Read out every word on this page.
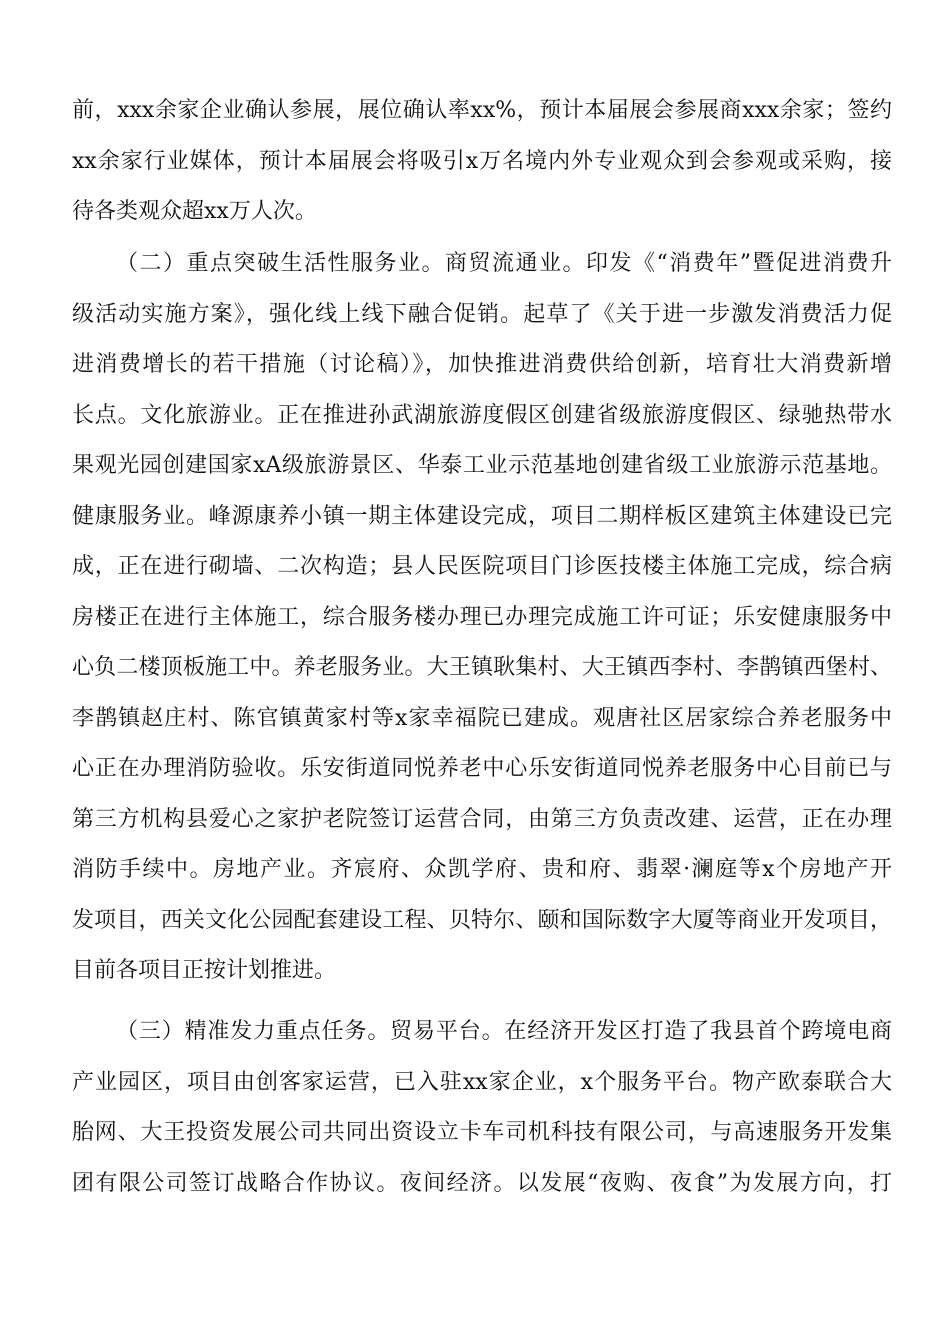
前，xxx余家企业确认参展，展位确认率xx%，预计本届展会参展商xxx余家；签约
xx余家行业媒体，预计本届展会将吸引x万名境内外专业观众到会参观或采购，接
待各类观众超xx万人次。
（二）重点突破生活性服务业。商贸流通业。印发《“消费年”暨促进消费升
级活动实施方案》，强化线上线下融合促销。起草了《关于进一步激发消费活力促
进消费增长的若干措施（讨论稿）》，加快推进消费供给创新，培育壮大消费新增
长点。文化旅游业。正在推进孙武湖旅游度假区创建省级旅游度假区、绿驰热带水
果观光园创建国家xA级旅游景区、华泰工业示范基地创建省级工业旅游示范基地。
健康服务业。峰源康养小镇一期主体建设完成，项目二期样板区建筑主体建设已完
成，正在进行砌墙、二次构造；县人民医院项目门诊医技楼主体施工完成，综合病
房楼正在进行主体施工，综合服务楼办理已办理完成施工许可证；乐安健康服务中
心负二楼顶板施工中。养老服务业。大王镇耿集村、大王镇西李村、李鹊镇西堡村、
李鹊镇赵庄村、陈官镇黄家村等x家幸福院已建成。观唐社区居家综合养老服务中
心正在办理消防验收。乐安街道同悦养老中心乐安街道同悦养老服务中心目前已与
第三方机构县爱心之家护老院签订运营合同，由第三方负责改建、运营，正在办理
消防手续中。房地产业。齐宸府、众凯学府、贵和府、翡翠·澜庭等x个房地产开
发项目，西关文化公园配套建设工程、贝特尔、颐和国际数字大厦等商业开发项目，
目前各项目正按计划推进。
（三）精准发力重点任务。贸易平台。在经济开发区打造了我县首个跨境电商
产业园区，项目由创客家运营，已入驻xx家企业，x个服务平台。物产欧泰联合大
胎网、大王投资发展公司共同出资设立卡车司机科技有限公司，与高速服务开发集
团有限公司签订战略合作协议。夜间经济。以发展“夜购、夜食”为发展方向，打
